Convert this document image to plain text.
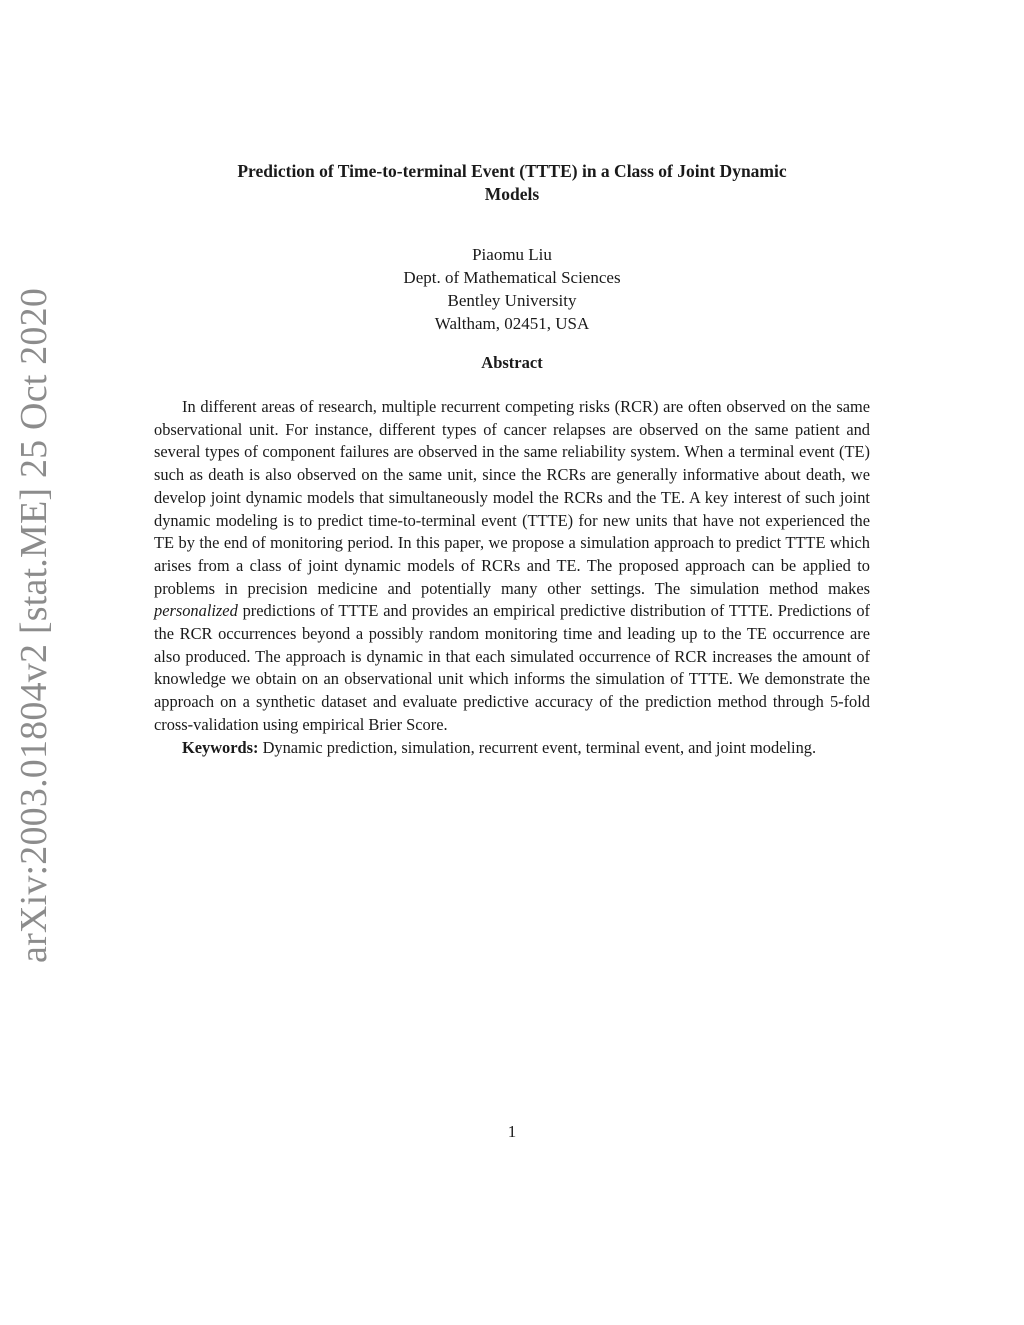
arXiv:2003.01804v2 [stat.ME] 25 Oct 2020
Prediction of Time-to-terminal Event (TTTE) in a Class of Joint Dynamic
Models
Piaomu Liu
Dept. of Mathematical Sciences
Bentley University
Waltham, 02451, USA
Abstract

In different areas of research, multiple recurrent competing risks (RCR) are often observed on the same observational unit. For instance, different types of cancer relapses are observed on the same patient and several types of component failures are observed in the same reliability system. When a terminal event (TE) such as death is also observed on the same unit, since the RCRs are generally informative about death, we develop joint dynamic models that simultaneously model the RCRs and the TE. A key interest of such joint dynamic modeling is to predict time-to-terminal event (TTTE) for new units that have not experienced the TE by the end of monitoring period. In this paper, we propose a simulation approach to predict TTTE which arises from a class of joint dynamic models of RCRs and TE. The proposed approach can be applied to problems in precision medicine and potentially many other settings. The simulation method makes personalized predictions of TTTE and provides an empirical predictive distribution of TTTE. Predictions of the RCR occurrences beyond a possibly random monitoring time and leading up to the TE occurrence are also produced. The approach is dynamic in that each simulated occurrence of RCR increases the amount of knowledge we obtain on an observational unit which informs the simulation of TTTE. We demonstrate the approach on a synthetic dataset and evaluate predictive accuracy of the prediction method through 5-fold cross-validation using empirical Brier Score.

Keywords: Dynamic prediction, simulation, recurrent event, terminal event, and joint modeling.

1
